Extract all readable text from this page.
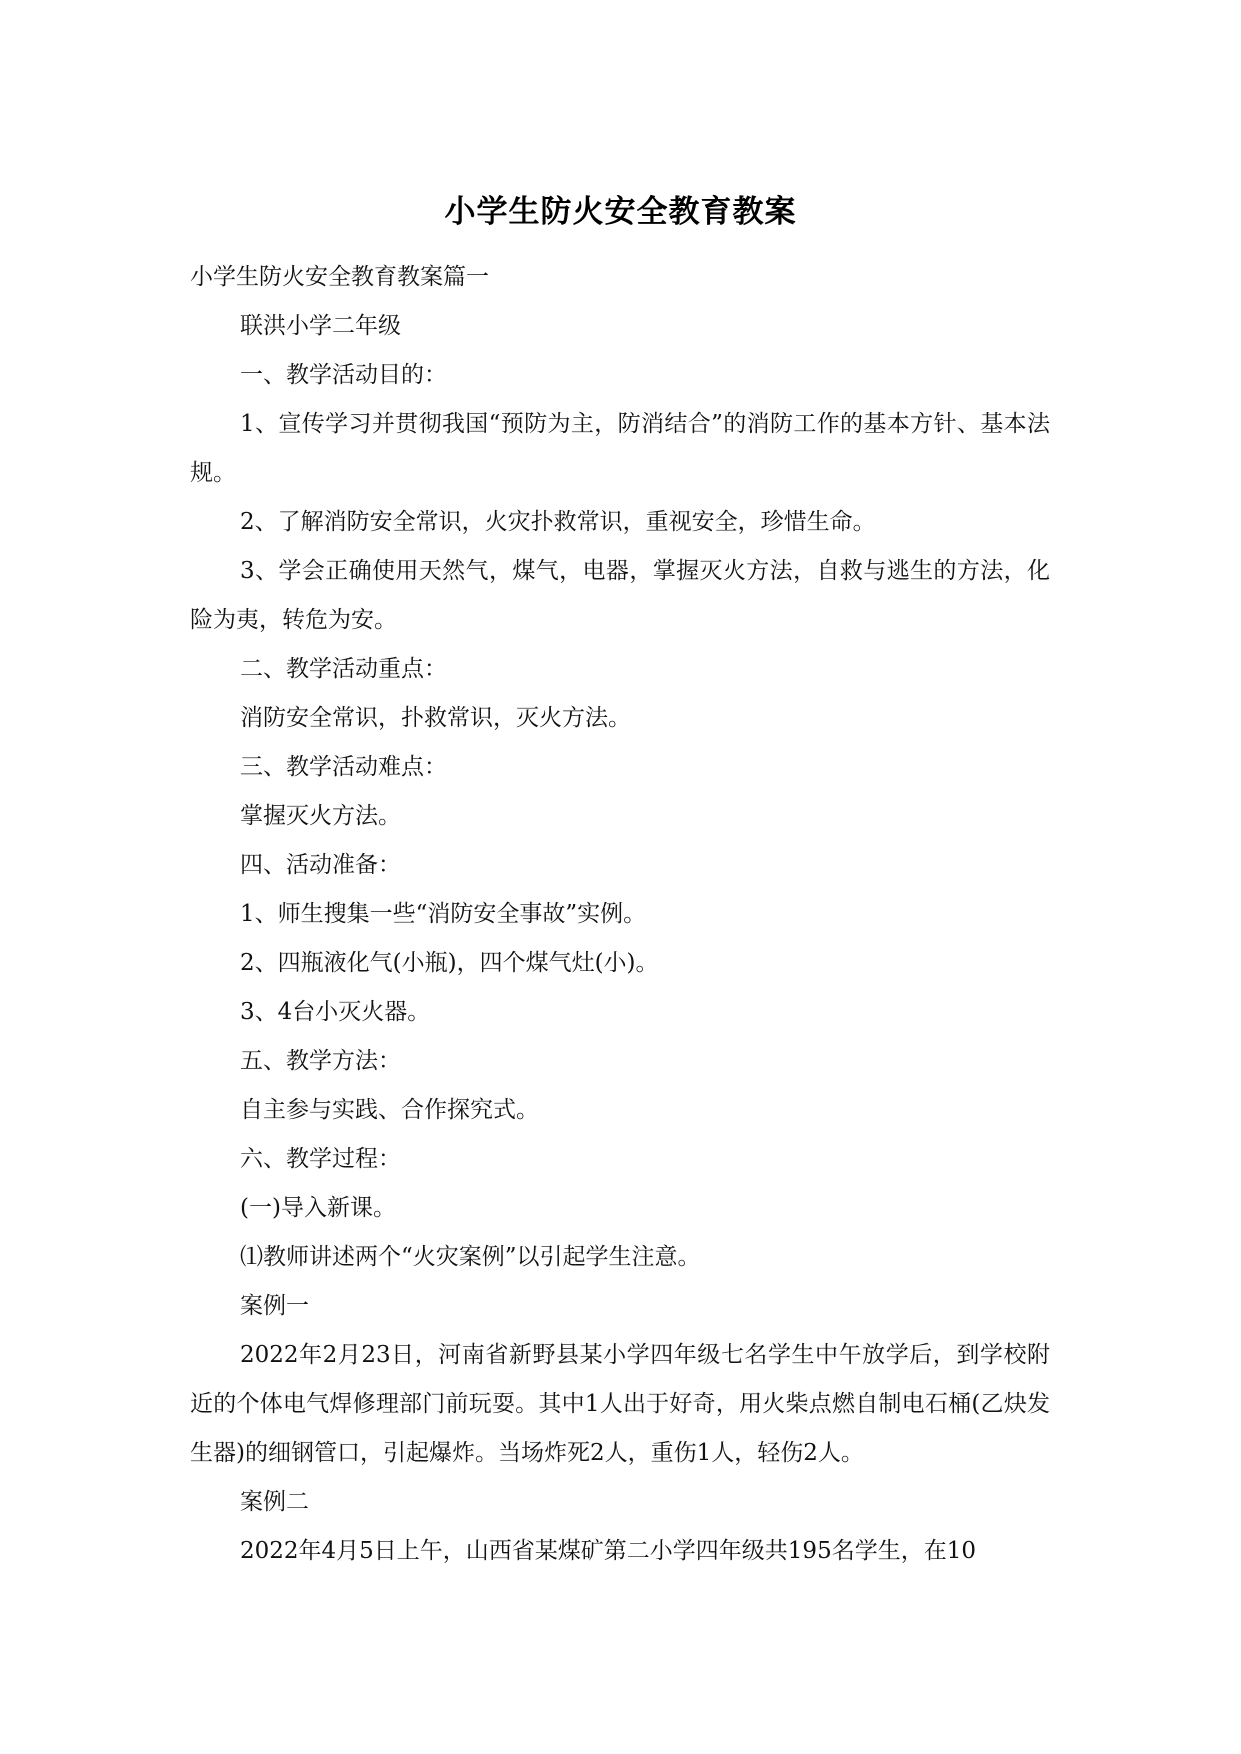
小学生防火安全教育教案

小学生防火安全教育教案篇一

联洪小学二年级

一、教学活动目的：

1、宣传学习并贯彻我国“预防为主，防消结合”的消防工作的基本方针、基本法规。

2、了解消防安全常识，火灾扑救常识，重视安全，珍惜生命。

3、学会正确使用天然气，煤气，电器，掌握灭火方法，自救与逃生的方法，化险为夷，转危为安。

二、教学活动重点：

消防安全常识，扑救常识，灭火方法。

三、教学活动难点：

掌握灭火方法。

四、活动准备：

1、师生搜集一些“消防安全事故”实例。

2、四瓶液化气(小瓶)，四个煤气灶(小)。

3、4台小灭火器。

五、教学方法：

自主参与实践、合作探究式。

六、教学过程：

(一)导入新课。

⑴教师讲述两个“火灾案例”以引起学生注意。

案例一

2022年2月23日，河南省新野县某小学四年级七名学生中午放学后，到学校附近的个体电气焊修理部门前玩耍。其中1人出于好奇，用火柴点燃自制电石桶(乙炔发生器)的细钢管口，引起爆炸。当场炸死2人，重伤1人，轻伤2人。

案例二

2022年4月5日上午，山西省某煤矿第二小学四年级共195名学生，在10
